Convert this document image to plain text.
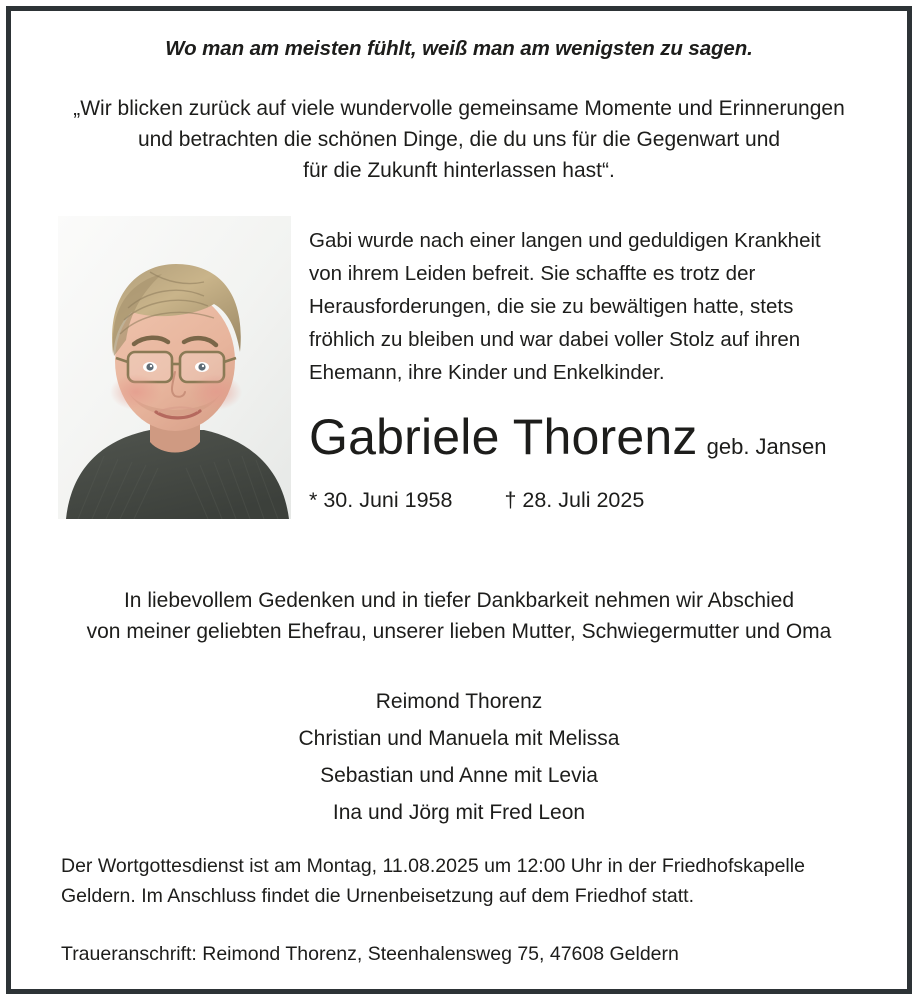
Wo man am meisten fühlt, weiß man am wenigsten zu sagen.
„Wir blicken zurück auf viele wundervolle gemeinsame Momente und Erinnerungen
und betrachten die schönen Dinge, die du uns für die Gegenwart und
für die Zukunft hinterlassen hast“.
Gabi wurde nach einer langen und geduldigen Krankheit
von ihrem Leiden befreit. Sie schaffte es trotz der
Herausforderungen, die sie zu bewältigen hatte, stets
fröhlich zu bleiben und war dabei voller Stolz auf ihren
Ehemann, ihre Kinder und Enkelkinder.
Gabriele Thorenz geb. Jansen
* 30. Juni 1958 † 28. Juli 2025
In liebevollem Gedenken und in tiefer Dankbarkeit nehmen wir Abschied
von meiner geliebten Ehefrau, unserer lieben Mutter, Schwiegermutter und Oma
Reimond Thorenz
Christian und Manuela mit Melissa
Sebastian und Anne mit Levia
Ina und Jörg mit Fred Leon
Der Wortgottesdienst ist am Montag, 11.08.2025 um 12:00 Uhr in der Friedhofskapelle
Geldern. Im Anschluss findet die Urnenbeisetzung auf dem Friedhof statt.
Traueranschrift: Reimond Thorenz, Steenhalensweg 75, 47608 Geldern
